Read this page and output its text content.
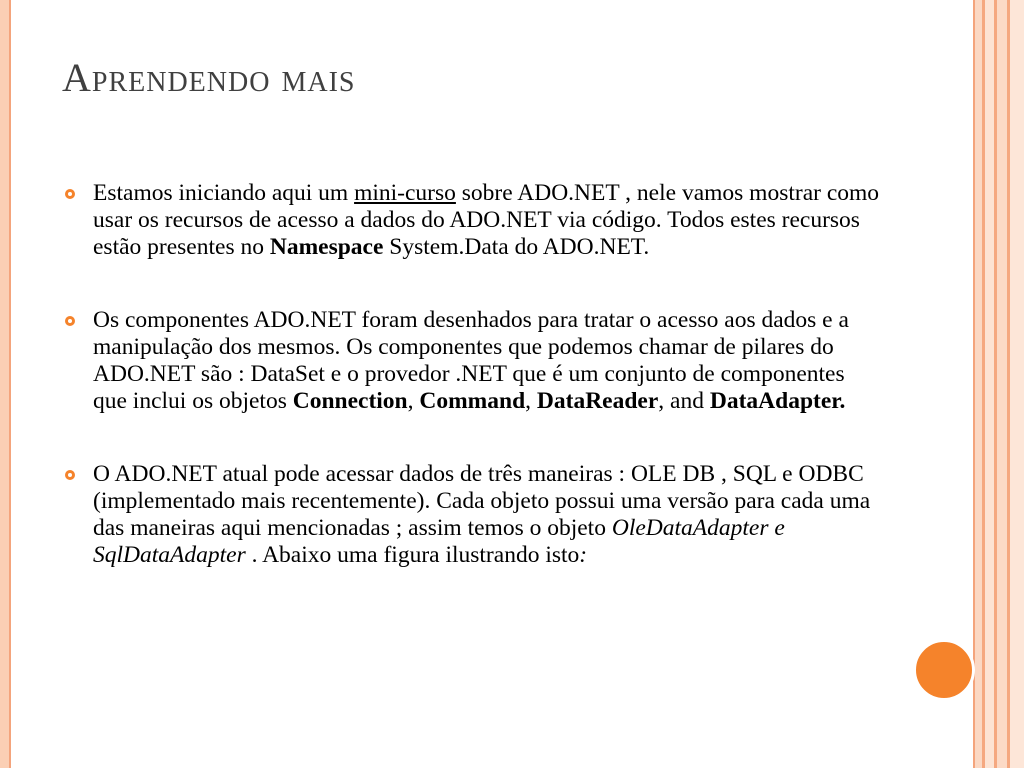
Aprendendo mais
Estamos iniciando aqui um mini-curso sobre ADO.NET , nele vamos mostrar como usar os recursos de acesso a dados do ADO.NET via código. Todos estes recursos estão presentes no Namespace System.Data do ADO.NET.
Os componentes ADO.NET foram desenhados para tratar o acesso aos dados e a manipulação dos mesmos. Os componentes que podemos chamar de pilares do ADO.NET são : DataSet e o provedor .NET que é um conjunto de componentes que inclui os objetos Connection, Command, DataReader, and DataAdapter.
O ADO.NET atual pode acessar dados de três maneiras : OLE DB , SQL e ODBC (implementado mais recentemente). Cada objeto possui uma versão para cada uma das maneiras aqui mencionadas ; assim temos o objeto OleDataAdapter e SqlDataAdapter . Abaixo uma figura ilustrando isto:
